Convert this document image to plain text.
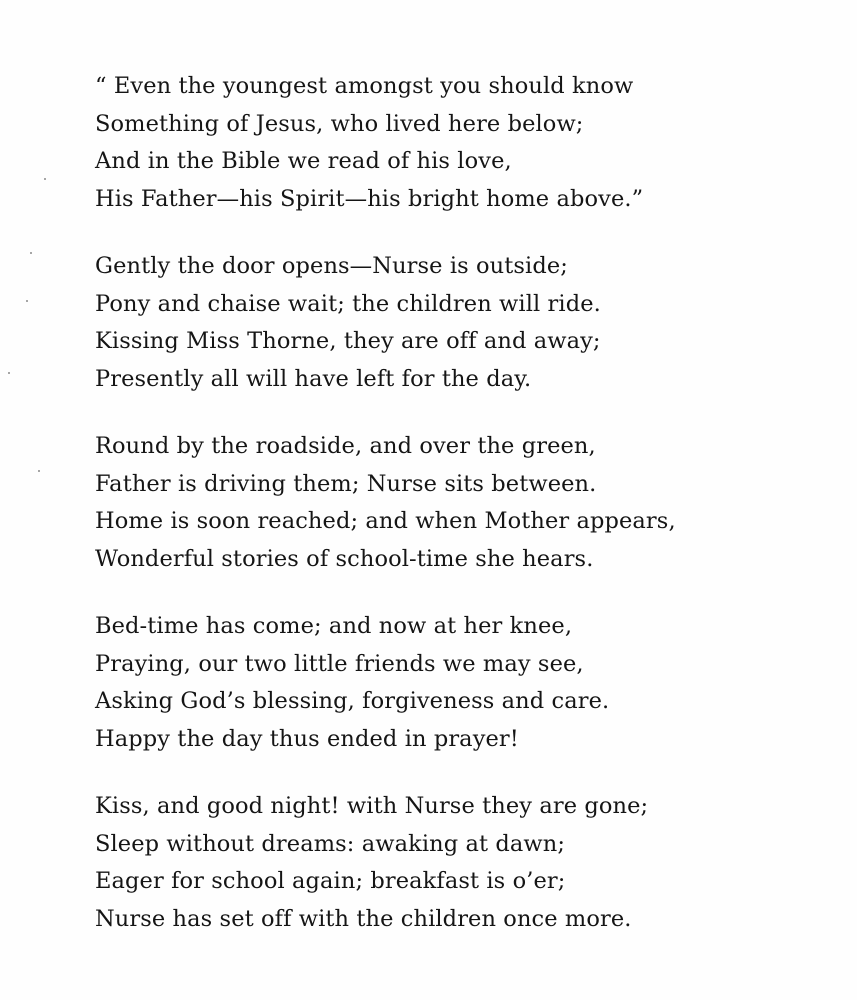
“ Even the youngest amongst you should know
Something of Jesus, who lived here below;
And in the Bible we read of his love,
His Father—his Spirit—his bright home above.”
Gently the door opens—Nurse is outside;
Pony and chaise wait; the children will ride.
Kissing Miss Thorne, they are off and away;
Presently all will have left for the day.
Round by the roadside, and over the green,
Father is driving them; Nurse sits between.
Home is soon reached; and when Mother appears,
Wonderful stories of school-time she hears.
Bed-time has come; and now at her knee,
Praying, our two little friends we may see,
Asking God’s blessing, forgiveness and care.
Happy the day thus ended in prayer!
Kiss, and good night! with Nurse they are gone;
Sleep without dreams: awaking at dawn;
Eager for school again; breakfast is o’er;
Nurse has set off with the children once more.
